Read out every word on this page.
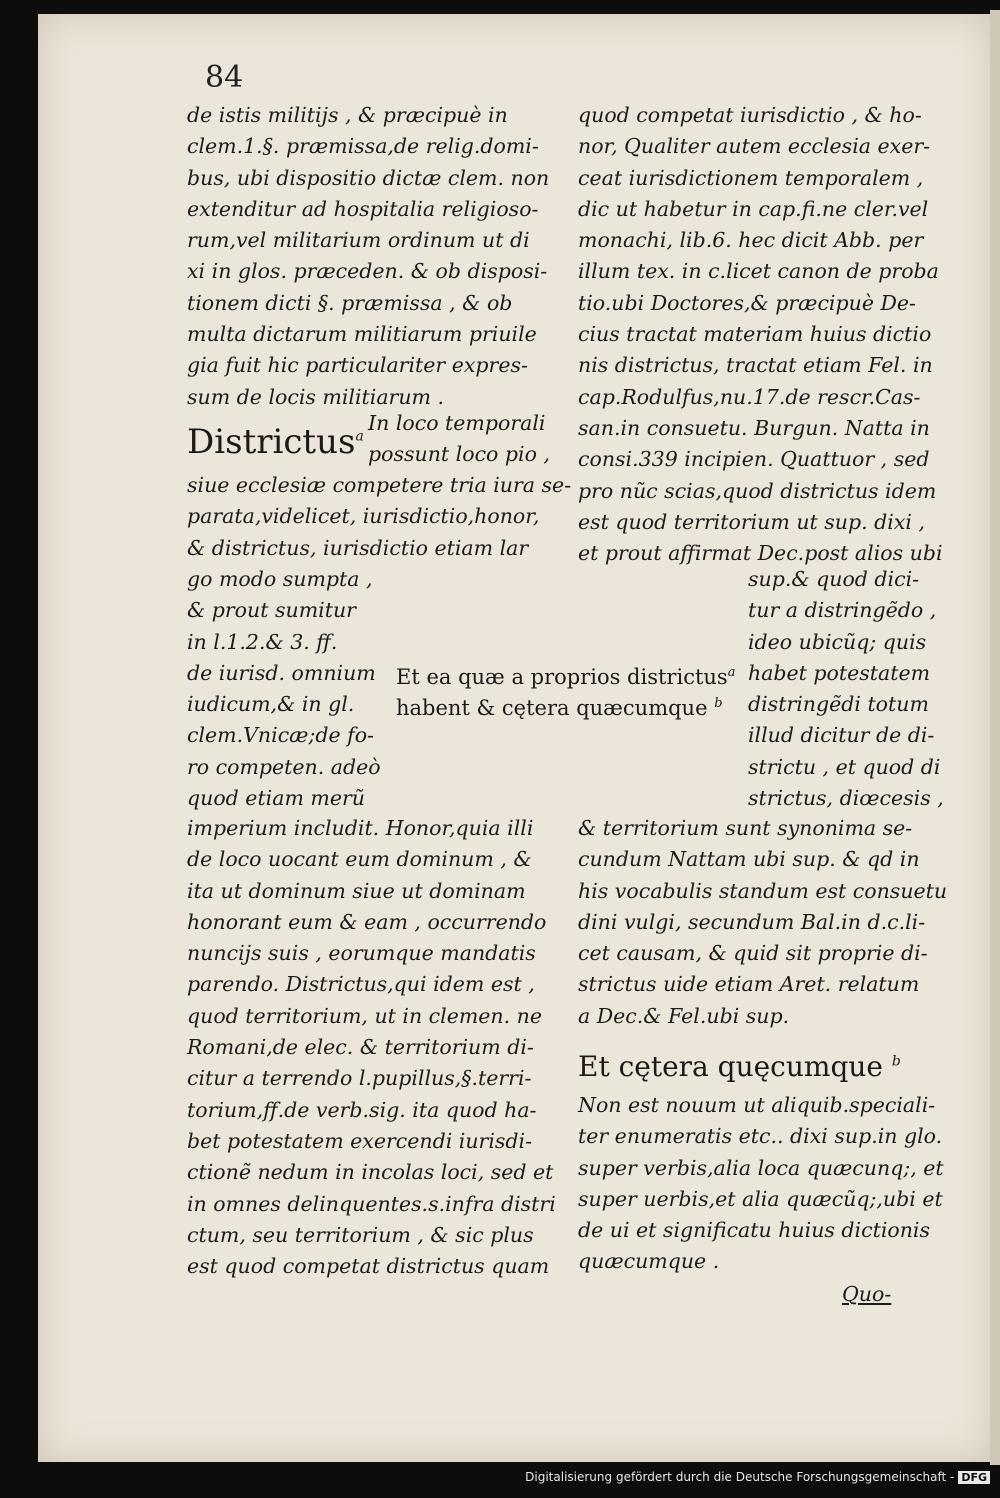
84
de istis militijs , & præcipuè in
clem.1.§. præmissa,de relig.domi-
bus, ubi dispositio dictæ clem. non
extenditur ad hospitalia religioso-
rum,vel militarium ordinum ut di
xi in glos. præceden. & ob disposi-
tionem dicti §. præmissa , & ob
multa dictarum militiarum priuile
gia fuit hic particulariter expres-
sum de locis militiarum .
Districtus$^a$
In loco temporali
possunt loco pio ,
siue ecclesiæ competere tria iura se-
parata,videlicet, iurisdictio,honor,
& districtus, iurisdictio etiam lar
go modo sumpta ,
& prout sumitur
in l.1.2.& 3. ff.
de iurisd. omnium
iudicum,& in gl.
clem.Vnicæ;de fo-
ro competen. adeò
quod etiam merũ
Et ea quæ a proprios districtus$^a$
habent & cętera quæcumque $^b$
quod competat iurisdictio , & ho-
nor, Qualiter autem ecclesia exer-
ceat iurisdictionem temporalem ,
dic ut habetur in cap.fi.ne cler.vel
monachi, lib.6. hec dicit Abb. per
illum tex. in c.licet canon de proba
tio.ubi Doctores,& præcipuè De-
cius tractat materiam huius dictio
nis districtus, tractat etiam Fel. in
cap.Rodulfus,nu.17.de rescr.Cas-
san.in consuetu. Burgun. Natta in
consi.339 incipien. Quattuor , sed
pro nũc scias,quod districtus idem
est quod territorium ut sup. dixi ,
et prout affirmat Dec.post alios ubi
sup.& quod dici-
tur a distringẽdo ,
ideo ubicũq; quis
habet potestatem
distringẽdi totum
illud dicitur de di-
strictu , et quod di
strictus, diœcesis ,
imperium includit. Honor,quia illi
de loco uocant eum dominum , &
ita ut dominum siue ut dominam
honorant eum & eam , occurrendo
nuncijs suis , eorumque mandatis
parendo. Districtus,qui idem est ,
quod territorium, ut in clemen. ne
Romani,de elec. & territorium di-
citur a terrendo l.pupillus,§.terri-
torium,ff.de verb.sig. ita quod ha-
bet potestatem exercendi iurisdi-
ctionẽ nedum in incolas loci, sed et
in omnes delinquentes.s.infra distri
ctum, seu territorium , & sic plus
est quod competat districtus quam
& territorium sunt synonima se-
cundum Nattam ubi sup. & qd in
his vocabulis standum est consuetu
dini vulgi, secundum Bal.in d.c.li-
cet causam, & quid sit proprie di-
strictus uide etiam Aret. relatum
a Dec.& Fel.ubi sup.
Et cętera quęcumque $^b$
Non est nouum ut aliquib.speciali-
ter enumeratis etc.. dixi sup.in glo.
super verbis,alia loca quæcunq;, et
super uerbis,et alia quæcũq;,ubi et
de ui et significatu huius dictionis
quæcumque .
Quo-
Digitalisierung gefördert durch die Deutsche Forschungsgemeinschaft - DFG
